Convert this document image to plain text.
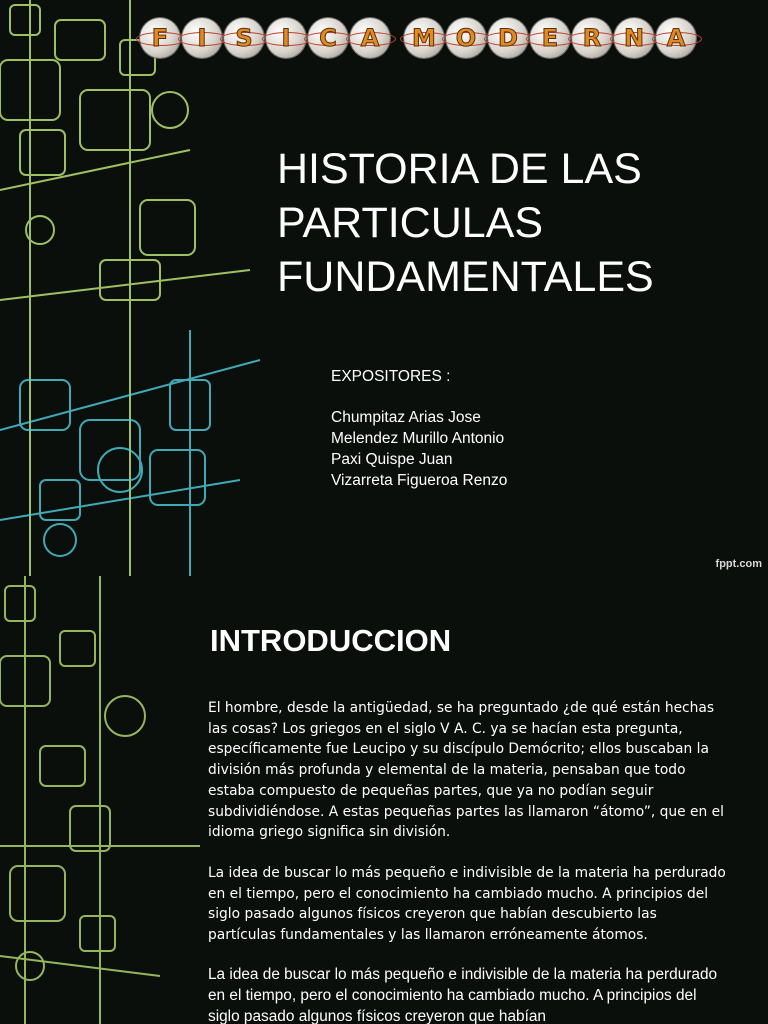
F I S I C A M O D E R N A
HISTORIA DE LAS
PARTICULAS
FUNDAMENTALES
EXPOSITORES :
Chumpitaz Arias Jose
Melendez Murillo Antonio
Paxi Quispe Juan
Vizarreta Figueroa Renzo
fppt.com
INTRODUCCION

El hombre, desde la antigüedad, se ha preguntado ¿de qué están hechas las cosas? Los griegos en el siglo V A. C. ya se hacían esta pregunta, específicamente fue Leucipo y su discípulo Demócrito; ellos buscaban la división más profunda y elemental de la materia, pensaban que todo estaba compuesto de pequeñas partes, que ya no podían seguir subdividiéndose. A estas pequeñas partes las llamaron “átomo”, que en el idioma griego significa sin división.

La idea de buscar lo más pequeño e indivisible de la materia ha perdurado en el tiempo, pero el conocimiento ha cambiado mucho. A principios del siglo pasado algunos físicos creyeron que habían descubierto las partículas fundamentales y las llamaron erróneamente átomos.

La idea de buscar lo más pequeño e indivisible de la materia ha perdurado en el tiempo, pero el conocimiento ha cambiado mucho. A principios del siglo pasado algunos físicos creyeron que habían
